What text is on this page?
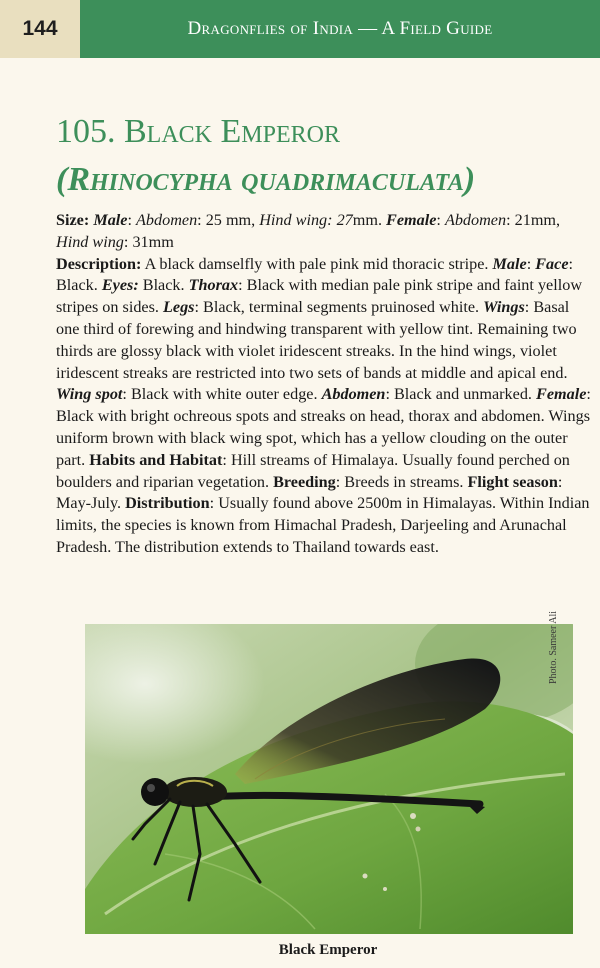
144	Dragonflies of India — A Field Guide
105. Black Emperor
(Rhinocypha quadrimaculata)

Size: Male: Abdomen: 25 mm, Hind wing: 27mm. Female: Abdomen: 21mm, Hind wing: 31mm

Description: A black damselfly with pale pink mid thoracic stripe. Male: Face: Black. Eyes: Black. Thorax: Black with median pale pink stripe and faint yellow stripes on sides. Legs: Black, terminal segments pruinosed white. Wings: Basal one third of forewing and hindwing transparent with yellow tint. Remaining two thirds are glossy black with violet iridescent streaks. In the hind wings, violet iridescent streaks are restricted into two sets of bands at middle and apical end. Wing spot: Black with white outer edge. Abdomen: Black and unmarked. Female: Black with bright ochreous spots and streaks on head, thorax and abdomen. Wings uniform brown with black wing spot, which has a yellow clouding on the outer part. Habits and Habitat: Hill streams of Himalaya. Usually found perched on boulders and riparian vegetation. Breeding: Breeds in streams. Flight season: May-July. Distribution: Usually found above 2500m in Himalayas. Within Indian limits, the species is known from Himachal Pradesh, Darjeeling and Arunachal Pradesh. The distribution extends to Thailand towards east.

Photo. Sameer Ali
Black Emperor
